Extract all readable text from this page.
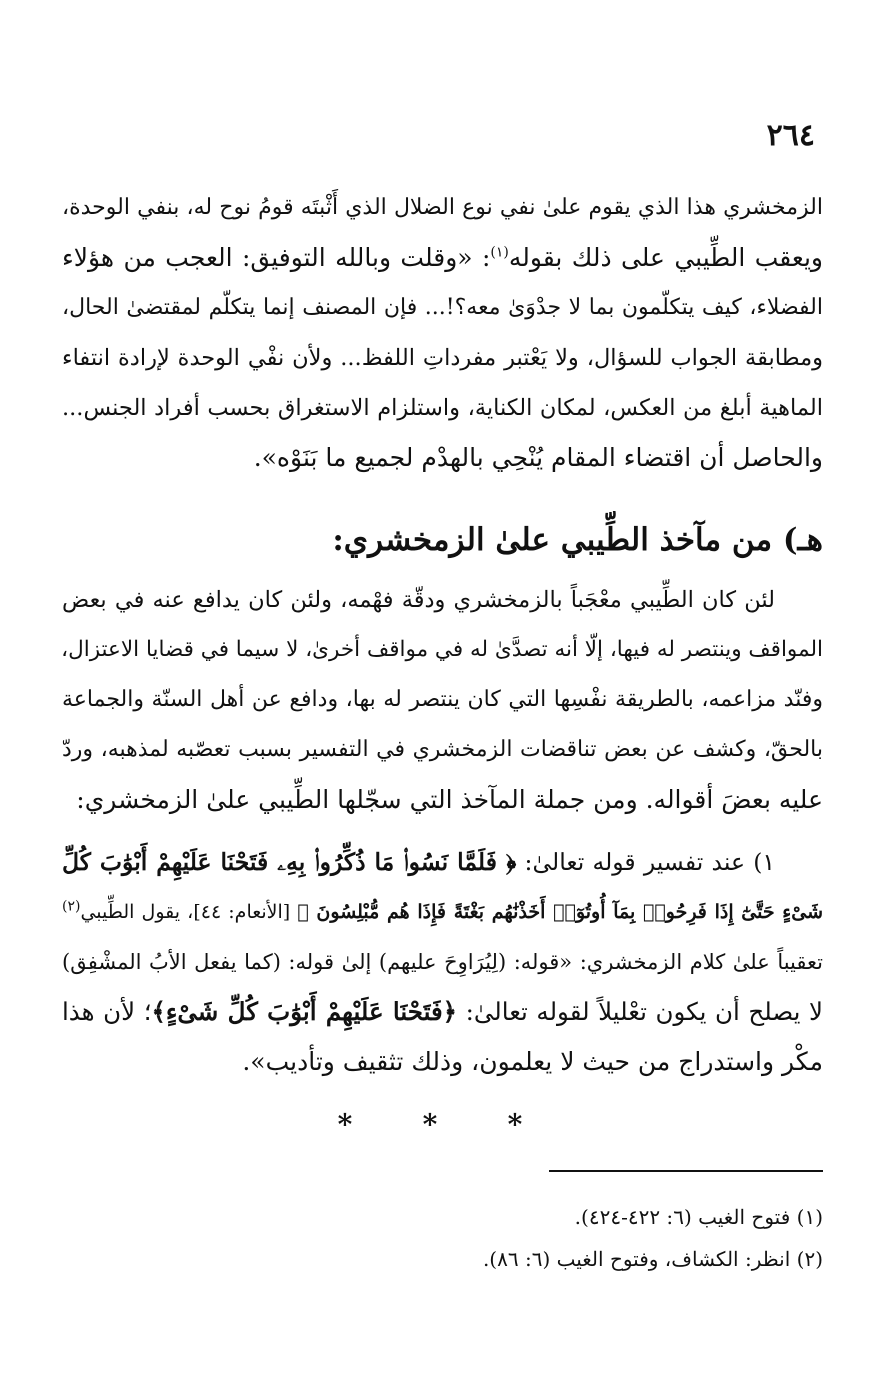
٢٦٤
الزمخشري هذا الذي يقوم علىٰ نفي نوع الضلال الذي أَثْبتَه قومُ نوح له، بنفي الوحدة،
ويعقب الطِّيبي على ذلك بقوله$^{(١)}$: «وقلت وبالله التوفيق: العجب من هؤلاء
الفضلاء، كيف يتكلّمون بما لا جدْوَىٰ معه؟!... فإن المصنف إنما يتكلّم لمقتضىٰ الحال،
ومطابقة الجواب للسؤال، ولا يَعْتبر مفرداتِ اللفظ... ولأن نفْي الوحدة لإرادة انتفاء
الماهية أبلغ من العكس، لمكان الكناية، واستلزام الاستغراق بحسب أفراد الجنس...
والحاصل أن اقتضاء المقام يُنْحِي بالهدْم لجميع ما بَنَوْه».
هـ) من مآخذ الطِّيبي علىٰ الزمخشري:
لئن كان الطِّيبي معْجَباً بالزمخشري ودقّة فهْمه، ولئن كان يدافع عنه في بعض
المواقف وينتصر له فيها، إلّا أنه تصدَّىٰ له في مواقف أخرىٰ، لا سيما في قضايا الاعتزال،
وفنّد مزاعمه، بالطريقة نفْسِها التي كان ينتصر له بها، ودافع عن أهل السنّة والجماعة
بالحقّ، وكشف عن بعض تناقضات الزمخشري في التفسير بسبب تعصّبه لمذهبه، وردّ
عليه بعضَ أقواله. ومن جملة المآخذ التي سجّلها الطِّيبي علىٰ الزمخشري:
١) عند تفسير قوله تعالىٰ: ﴿ فَلَمَّا نَسُوا۟ مَا ذُكِّرُوا۟ بِهِۦ فَتَحْنَا عَلَيْهِمْ أَبْوَٰبَ كُلِّ
شَىْءٍ حَتَّىٰٓ إِذَا فَرِحُوا۟ بِمَآ أُوتُوٓا۟ أَخَذْنَٰهُم بَغْتَةً فَإِذَا هُم مُّبْلِسُونَ ﴾ [الأنعام: ٤٤]، يقول الطِّيبي$^{(٢)}$
تعقيباً علىٰ كلام الزمخشري: «قوله: (لِيُرَاوِحَ عليهم) إلىٰ قوله: (كما يفعل الأبُ المشْفِق)
لا يصلح أن يكون تعْليلاً لقوله تعالىٰ: ﴿فَتَحْنَا عَلَيْهِمْ أَبْوَٰبَ كُلِّ شَىْءٍ﴾؛ لأن هذا
مكْر واستدراج من حيث لا يعلمون، وذلك تثقيف وتأديب».
*
*
*
(١) فتوح الغيب (٦: ٤٢٢-٤٢٤).
(٢) انظر: الكشاف، وفتوح الغيب (٦: ٨٦).
